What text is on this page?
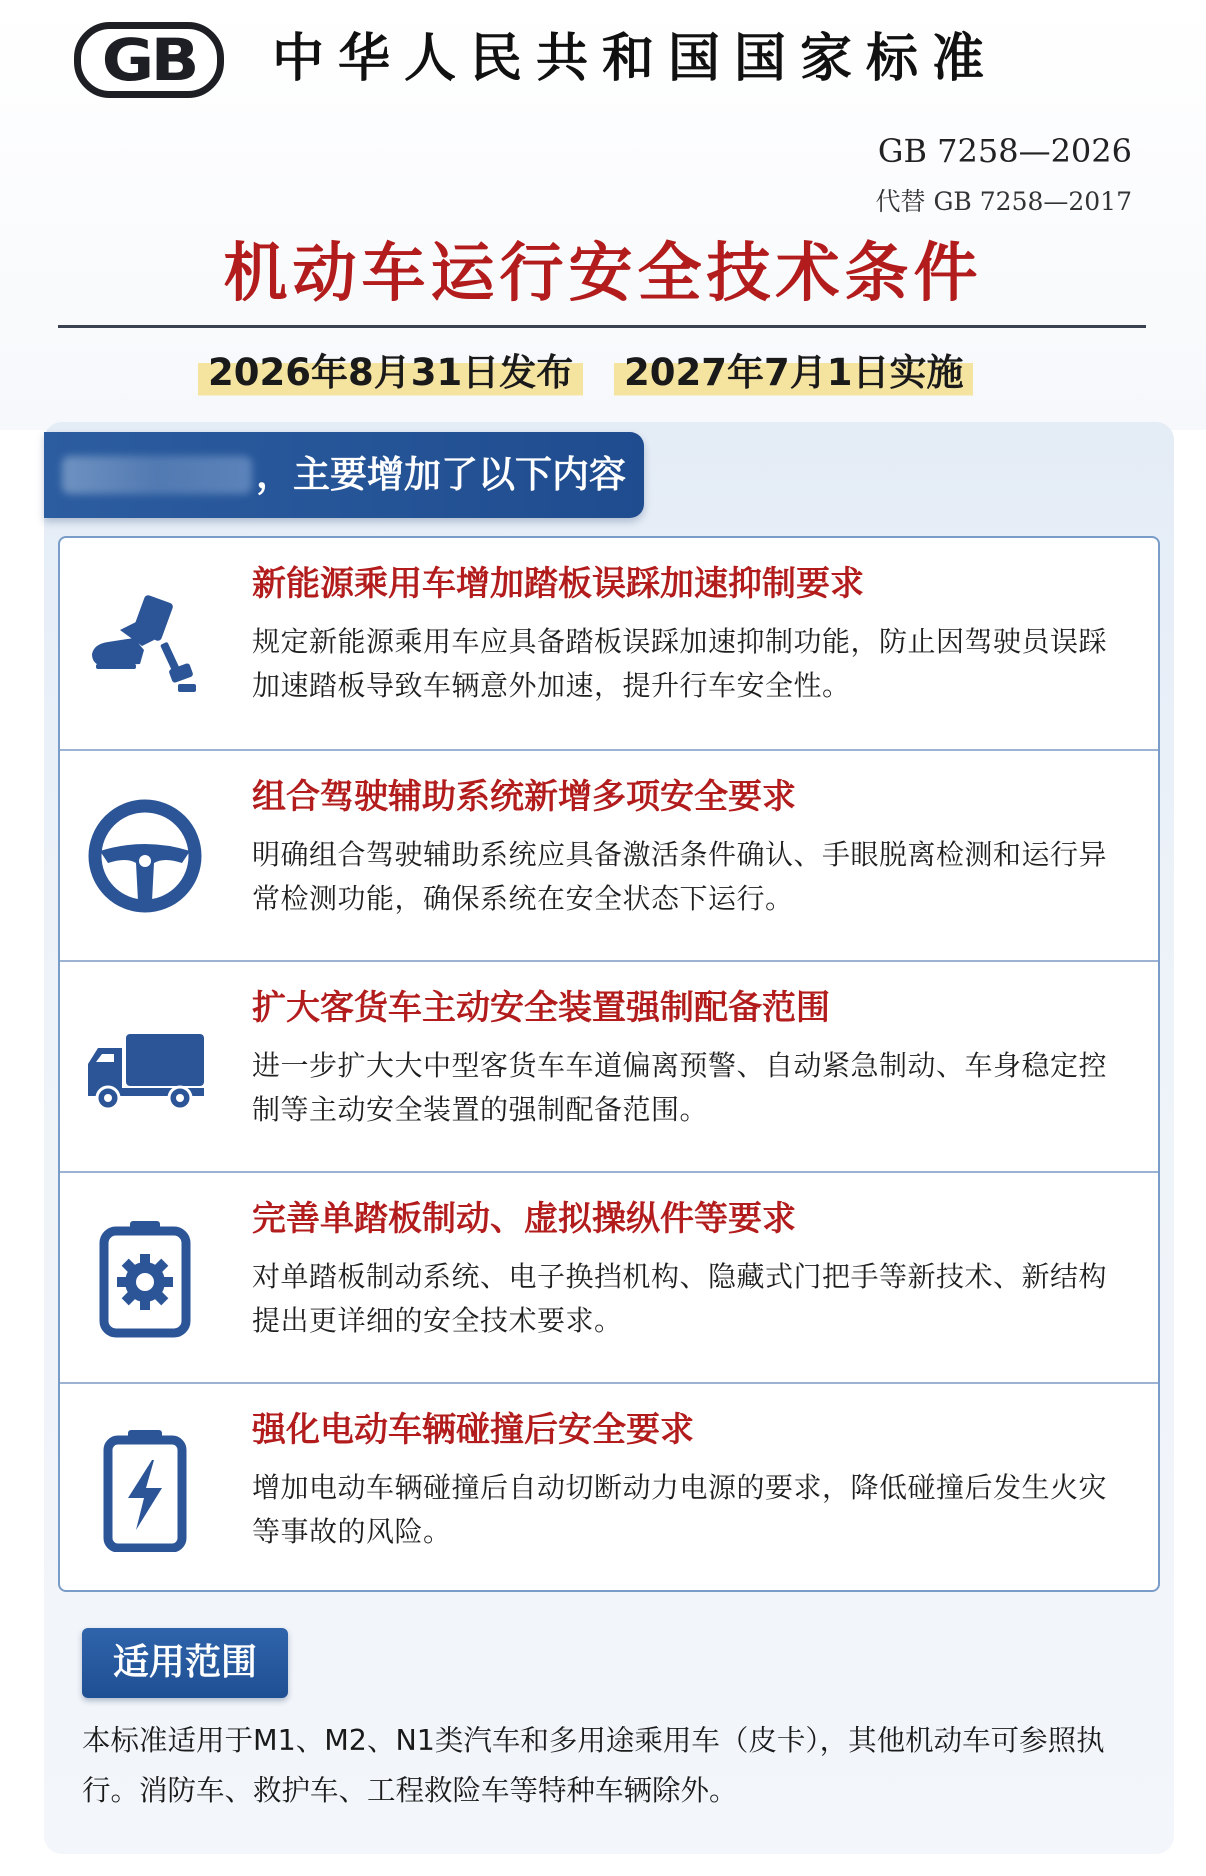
GB 中华人民共和国国家标准
GB 7258—2026
代替 GB 7258—2017
机动车运行安全技术条件
2026年8月31日发布 2027年7月1日实施
，主要增加了以下内容
新能源乘用车增加踏板误踩加速抑制要求
规定新能源乘用车应具备踏板误踩加速抑制功能，防止因驾驶员误踩加速踏板导致车辆意外加速，提升行车安全性。
组合驾驶辅助系统新增多项安全要求
明确组合驾驶辅助系统应具备激活条件确认、手眼脱离检测和运行异常检测功能，确保系统在安全状态下运行。
扩大客货车主动安全装置强制配备范围
进一步扩大大中型客货车车道偏离预警、自动紧急制动、车身稳定控制等主动安全装置的强制配备范围。
完善单踏板制动、虚拟操纵件等要求
对单踏板制动系统、电子换挡机构、隐藏式门把手等新技术、新结构提出更详细的安全技术要求。
强化电动车辆碰撞后安全要求
增加电动车辆碰撞后自动切断动力电源的要求，降低碰撞后发生火灾等事故的风险。
适用范围
本标准适用于M1、M2、N1类汽车和多用途乘用车（皮卡），其他机动车可参照执行。消防车、救护车、工程救险车等特种车辆除外。
